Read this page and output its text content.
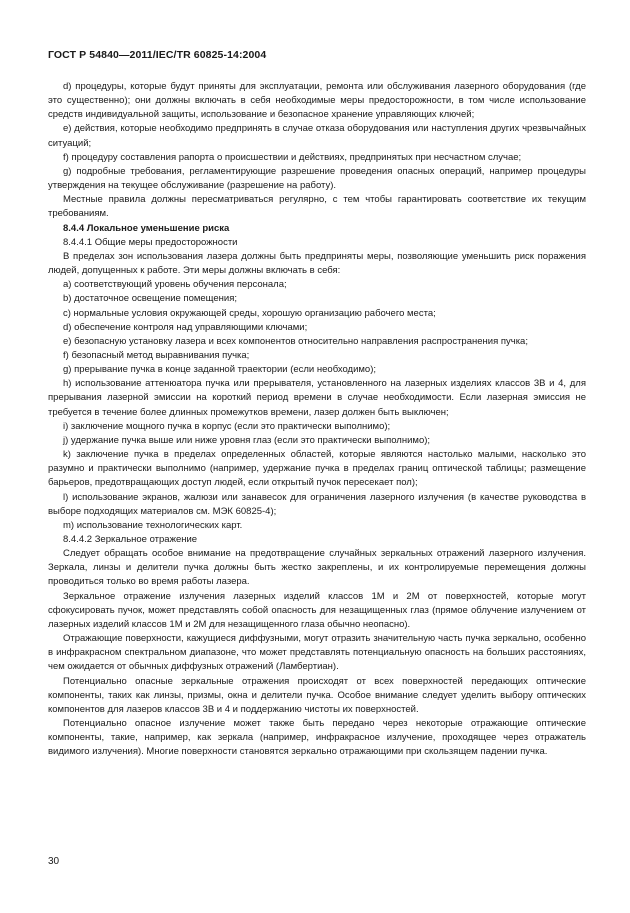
ГОСТ Р 54840—2011/IEC/TR 60825-14:2004

d) процедуры, которые будут приняты для эксплуатации, ремонта или обслуживания лазерного оборудования (где это существенно); они должны включать в себя необходимые меры предосторожности, в том числе использование средств индивидуальной защиты, использование и безопасное хранение управляющих ключей;

e) действия, которые необходимо предпринять в случае отказа оборудования или наступления других чрезвычайных ситуаций;

f) процедуру составления рапорта о происшествии и действиях, предпринятых при несчастном случае;

g) подробные требования, регламентирующие разрешение проведения опасных операций, например процедуры утверждения на текущее обслуживание (разрешение на работу).

Местные правила должны пересматриваться регулярно, с тем чтобы гарантировать соответствие их текущим требованиям.

8.4.4 Локальное уменьшение риска

8.4.4.1 Общие меры предосторожности

В пределах зон использования лазера должны быть предприняты меры, позволяющие уменьшить риск поражения людей, допущенных к работе. Эти меры должны включать в себя:

a) соответствующий уровень обучения персонала;

b) достаточное освещение помещения;

c) нормальные условия окружающей среды, хорошую организацию рабочего места;

d) обеспечение контроля над управляющими ключами;

e) безопасную установку лазера и всех компонентов относительно направления распространения пучка;

f) безопасный метод выравнивания пучка;

g) прерывание пучка в конце заданной траектории (если необходимо);

h) использование аттенюатора пучка или прерывателя, установленного на лазерных изделиях классов 3В и 4, для прерывания лазерной эмиссии на короткий период времени в случае необходимости. Если лазерная эмиссия не требуется в течение более длинных промежутков времени, лазер должен быть выключен;

i) заключение мощного пучка в корпус (если это практически выполнимо);

j) удержание пучка выше или ниже уровня глаз (если это практически выполнимо);

k) заключение пучка в пределах определенных областей, которые являются настолько малыми, насколько это разумно и практически выполнимо (например, удержание пучка в пределах границ оптической таблицы; размещение барьеров, предотвращающих доступ людей, если открытый пучок пересекает пол);

l) использование экранов, жалюзи или занавесок для ограничения лазерного излучения (в качестве руководства в выборе подходящих материалов см. МЭК 60825-4);

m) использование технологических карт.

8.4.4.2 Зеркальное отражение

Следует обращать особое внимание на предотвращение случайных зеркальных отражений лазерного излучения. Зеркала, линзы и делители пучка должны быть жестко закреплены, и их контролируемые перемещения должны проводиться только во время работы лазера.

Зеркальное отражение излучения лазерных изделий классов 1М и 2М от поверхностей, которые могут сфокусировать пучок, может представлять собой опасность для незащищенных глаз (прямое облучение излучением от лазерных изделий классов 1М и 2М для незащищенного глаза обычно неопасно).

Отражающие поверхности, кажущиеся диффузными, могут отразить значительную часть пучка зеркально, особенно в инфракрасном спектральном диапазоне, что может представлять потенциальную опасность на больших расстояниях, чем ожидается от обычных диффузных отражений (Ламбертиан).

Потенциально опасные зеркальные отражения происходят от всех поверхностей передающих оптические компоненты, таких как линзы, призмы, окна и делители пучка. Особое внимание следует уделить выбору оптических компонентов для лазеров классов 3В и 4 и поддержанию чистоты их поверхностей.

Потенциально опасное излучение может также быть передано через некоторые отражающие оптические компоненты, такие, например, как зеркала (например, инфракрасное излучение, проходящее через отражатель видимого излучения). Многие поверхности становятся зеркально отражающими при скользящем падении пучка.

30
